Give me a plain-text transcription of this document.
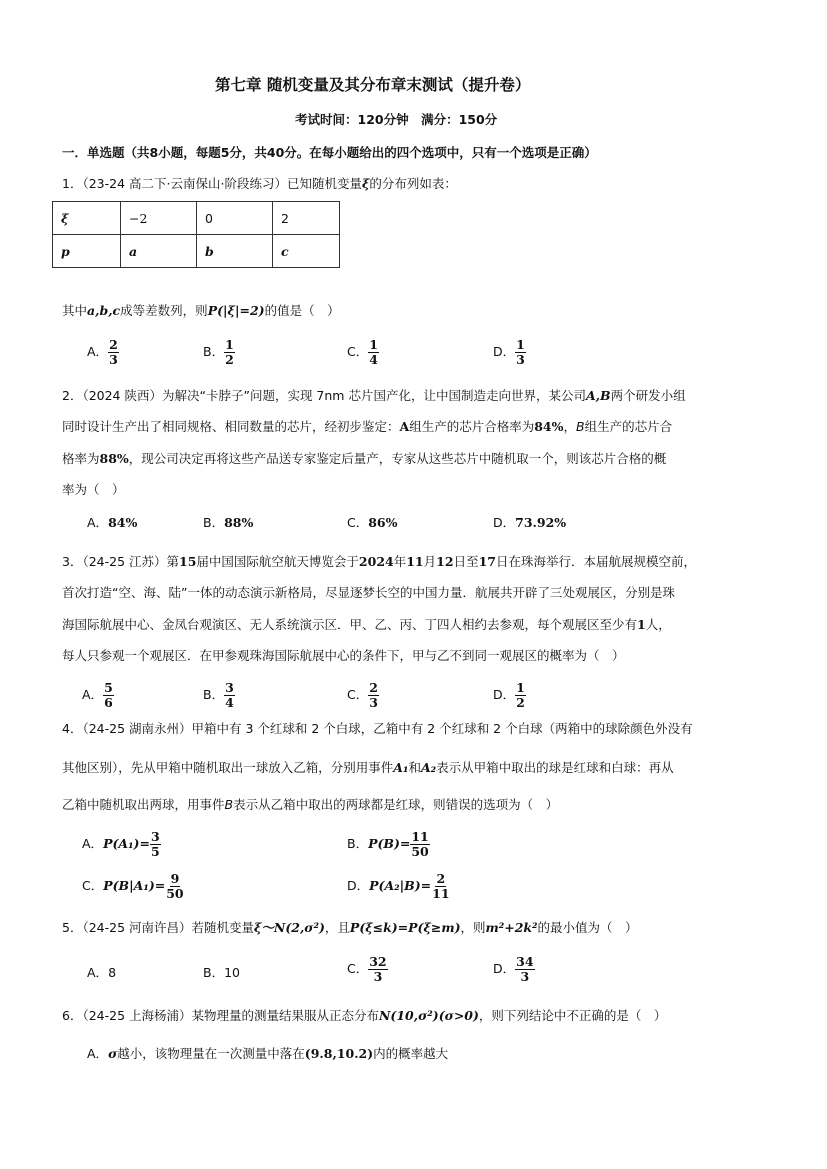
第七章 随机变量及其分布章末测试（提升卷）
考试时间：120分钟　满分：150分
一．单选题（共8小题，每题5分，共40分。在每小题给出的四个选项中，只有一个选项是正确）
1．（23-24 高二下·云南保山·阶段练习）已知随机变量ξ的分布列如表：
ξ	−2	0	2
p	a	b	c
其中a,b,c成等差数列，则P(|ξ|=2)的值是（　）
A． $\frac{2}{3}$	B． $\frac{1}{2}$	C． $\frac{1}{4}$	D． $\frac{1}{3}$
2．（2024 陕西）为解决“卡脖子”问题，实现 7nm 芯片国产化，让中国制造走向世界，某公司A,B两个研发小组
同时设计生产出了相同规格、相同数量的芯片，经初步鉴定：A组生产的芯片合格率为84%，B组生产的芯片合
格率为88%，现公司决定再将这些产品送专家鉴定后量产，专家从这些芯片中随机取一个，则该芯片合格的概
率为（　）
A．84%	B．88%	C．86%	D．73.92%
3．（24-25 江苏）第15届中国国际航空航天博览会于2024年11月12日至17日在珠海举行．本届航展规模空前，
首次打造“空、海、陆”一体的动态演示新格局，尽显逐梦长空的中国力量．航展共开辟了三处观展区，分别是珠
海国际航展中心、金凤台观演区、无人系统演示区．甲、乙、丙、丁四人相约去参观，每个观展区至少有1人，
每人只参观一个观展区．在甲参观珠海国际航展中心的条件下，甲与乙不到同一观展区的概率为（　）
A． $\frac{5}{6}$	B． $\frac{3}{4}$	C． $\frac{2}{3}$	D． $\frac{1}{2}$
4．（24-25 湖南永州）甲箱中有 3 个红球和 2 个白球，乙箱中有 2 个红球和 2 个白球（两箱中的球除颜色外没有
其他区别），先从甲箱中随机取出一球放入乙箱，分别用事件A₁和A₂表示从甲箱中取出的球是红球和白球：再从
乙箱中随机取出两球，用事件B表示从乙箱中取出的两球都是红球，则错误的选项为（　）
A．$P(A_1)= \frac{3}{5}$	B．$P(B)= \frac{11}{50}$
C．$P(B|A_1)= \frac{9}{50}$	D．$P(A_2|B)= \frac{2}{11}$
5．（24-25 河南许昌）若随机变量ξ～N(2,σ²)，且P(ξ≤k)=P(ξ≥m)，则m²+2k²的最小值为（　）
A．8	B．10	C． $\frac{32}{3}$	D． $\frac{34}{3}$
6．（24-25 上海杨浦）某物理量的测量结果服从正态分布N(10,σ²)(σ>0)，则下列结论中不正确的是（　）
A．σ越小，该物理量在一次测量中落在(9.8,10.2)内的概率越大
